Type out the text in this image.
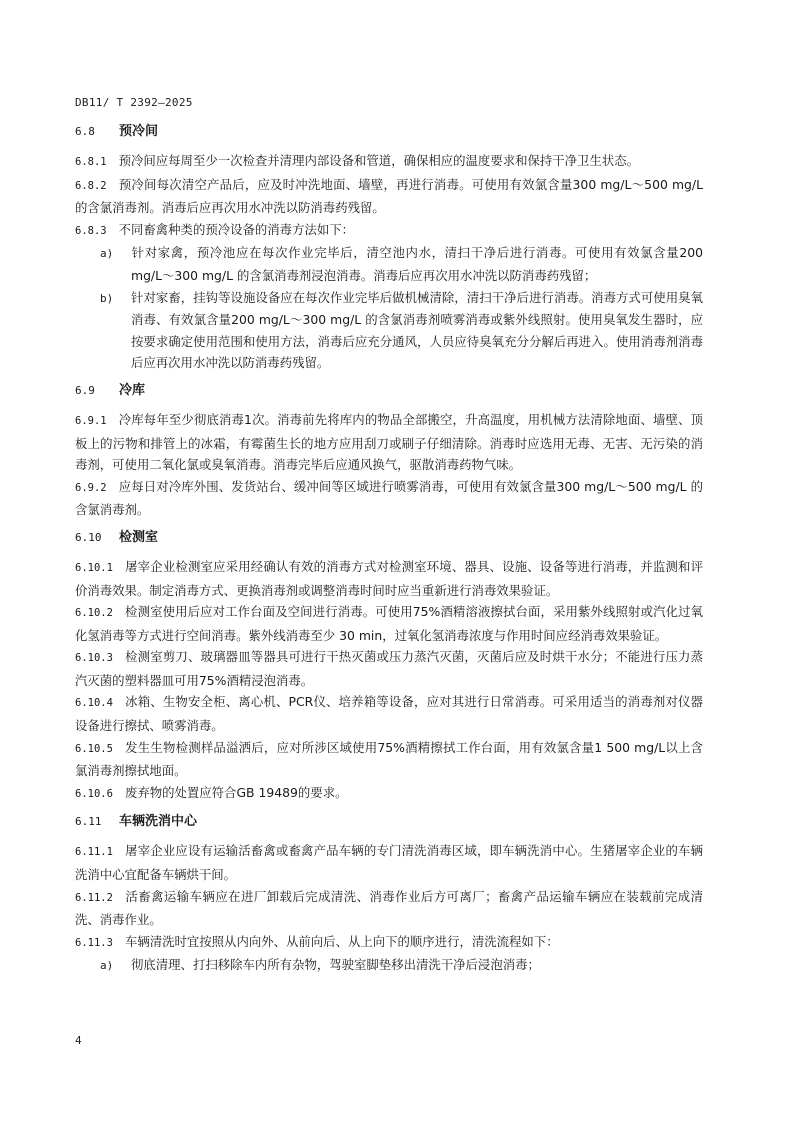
DB11/ T 2392—2025
6.8 预冷间

6.8.1 预冷间应每周至少一次检查并清理内部设备和管道，确保相应的温度要求和保持干净卫生状态。

6.8.2 预冷间每次清空产品后，应及时冲洗地面、墙壁，再进行消毒。可使用有效氯含量300 mg/L～500 mg/L 的含氯消毒剂。消毒后应再次用水冲洗以防消毒药残留。

6.8.3 不同畜禽种类的预冷设备的消毒方法如下：

a) 针对家禽，预冷池应在每次作业完毕后，清空池内水，清扫干净后进行消毒。可使用有效氯含量200 mg/L～300 mg/L 的含氯消毒剂浸泡消毒。消毒后应再次用水冲洗以防消毒药残留；

b) 针对家畜，挂钩等设施设备应在每次作业完毕后做机械清除，清扫干净后进行消毒。消毒方式可使用臭氧消毒、有效氯含量200 mg/L～300 mg/L 的含氯消毒剂喷雾消毒或紫外线照射。使用臭氧发生器时，应按要求确定使用范围和使用方法，消毒后应充分通风，人员应待臭氧充分分解后再进入。使用消毒剂消毒后应再次用水冲洗以防消毒药残留。

6.9 冷库

6.9.1 冷库每年至少彻底消毒1次。消毒前先将库内的物品全部搬空，升高温度，用机械方法清除地面、墙壁、顶板上的污物和排管上的冰霜，有霉菌生长的地方应用刮刀或刷子仔细清除。消毒时应选用无毒、无害、无污染的消毒剂，可使用二氧化氯或臭氧消毒。消毒完毕后应通风换气，驱散消毒药物气味。

6.9.2 应每日对冷库外围、发货站台、缓冲间等区域进行喷雾消毒，可使用有效氯含量300 mg/L～500 mg/L 的含氯消毒剂。

6.10 检测室

6.10.1 屠宰企业检测室应采用经确认有效的消毒方式对检测室环境、器具、设施、设备等进行消毒，并监测和评价消毒效果。制定消毒方式、更换消毒剂或调整消毒时间时应当重新进行消毒效果验证。

6.10.2 检测室使用后应对工作台面及空间进行消毒。可使用75%酒精溶液擦拭台面，采用紫外线照射或汽化过氧化氢消毒等方式进行空间消毒。紫外线消毒至少 30 min，过氧化氢消毒浓度与作用时间应经消毒效果验证。

6.10.3 检测室剪刀、玻璃器皿等器具可进行干热灭菌或压力蒸汽灭菌，灭菌后应及时烘干水分；不能进行压力蒸汽灭菌的塑料器皿可用75%酒精浸泡消毒。

6.10.4 冰箱、生物安全柜、离心机、PCR仪、培养箱等设备，应对其进行日常消毒。可采用适当的消毒剂对仪器设备进行擦拭、喷雾消毒。

6.10.5 发生生物检测样品溢洒后，应对所涉区域使用75%酒精擦拭工作台面，用有效氯含量1 500 mg/L以上含氯消毒剂擦拭地面。

6.10.6 废弃物的处置应符合GB 19489的要求。

6.11 车辆洗消中心

6.11.1 屠宰企业应设有运输活畜禽或畜禽产品车辆的专门清洗消毒区域，即车辆洗消中心。生猪屠宰企业的车辆洗消中心宜配备车辆烘干间。

6.11.2 活畜禽运输车辆应在进厂卸载后完成清洗、消毒作业后方可离厂；畜禽产品运输车辆应在装载前完成清洗、消毒作业。

6.11.3 车辆清洗时宜按照从内向外、从前向后、从上向下的顺序进行，清洗流程如下：

a) 彻底清理、打扫移除车内所有杂物，驾驶室脚垫移出清洗干净后浸泡消毒；

4
